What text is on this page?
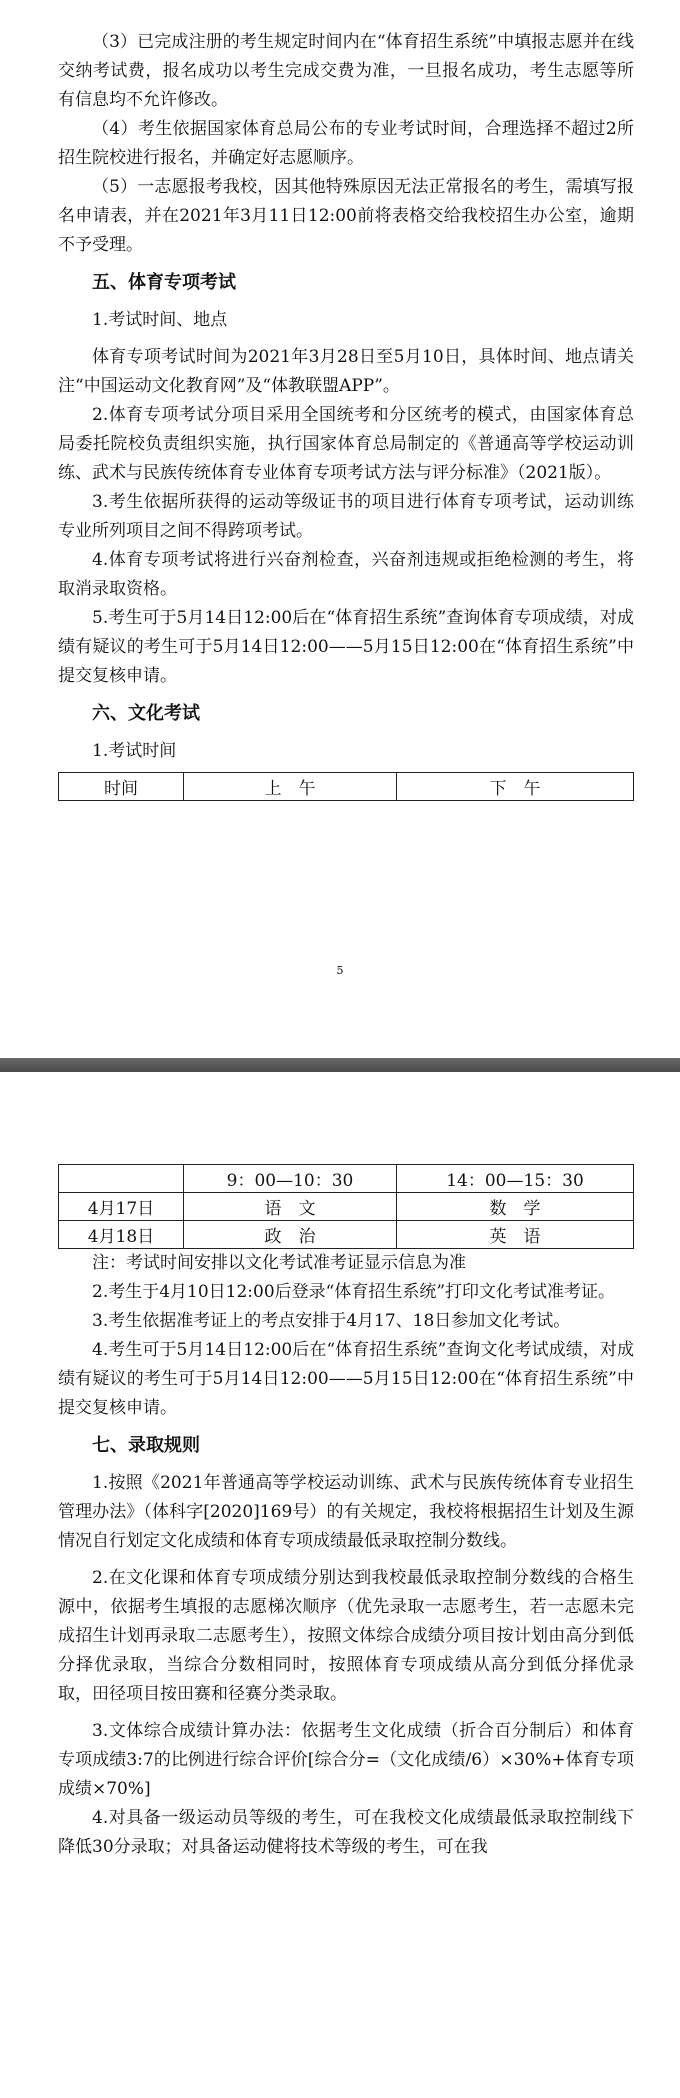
（3）已完成注册的考生规定时间内在“体育招生系统”中填报志愿并在线交纳考试费，报名成功以考生完成交费为准，一旦报名成功，考生志愿等所有信息均不允许修改。

（4）考生依据国家体育总局公布的专业考试时间，合理选择不超过2所招生院校进行报名，并确定好志愿顺序。

（5）一志愿报考我校，因其他特殊原因无法正常报名的考生，需填写报名申请表，并在2021年3月11日12:00前将表格交给我校招生办公室，逾期不予受理。

五、体育专项考试

1.考试时间、地点

体育专项考试时间为2021年3月28日至5月10日，具体时间、地点请关注“中国运动文化教育网”及“体教联盟APP”。

2.体育专项考试分项目采用全国统考和分区统考的模式，由国家体育总局委托院校负责组织实施，执行国家体育总局制定的《普通高等学校运动训练、武术与民族传统体育专业体育专项考试方法与评分标准》（2021版）。

3.考生依据所获得的运动等级证书的项目进行体育专项考试，运动训练专业所列项目之间不得跨项考试。

4.体育专项考试将进行兴奋剂检查，兴奋剂违规或拒绝检测的考生，将取消录取资格。

5.考生可于5月14日12:00后在“体育招生系统”查询体育专项成绩，对成绩有疑议的考生可于5月14日12:00——5月15日12:00在“体育招生系统”中提交复核申请。

六、文化考试

1.考试时间

时间	上　午	下　午
5
	9：00—10：30	14：00—15：30
4月17日	语　文	数　学
4月18日	政　治	英　语

注：考试时间安排以文化考试准考证显示信息为准

2.考生于4月10日12:00后登录“体育招生系统”打印文化考试准考证。

3.考生依据准考证上的考点安排于4月17、18日参加文化考试。

4.考生可于5月14日12:00后在“体育招生系统”查询文化考试成绩，对成绩有疑议的考生可于5月14日12:00——5月15日12:00在“体育招生系统”中提交复核申请。

七、录取规则

1.按照《2021年普通高等学校运动训练、武术与民族传统体育专业招生管理办法》（体科字[2020]169号）的有关规定，我校将根据招生计划及生源情况自行划定文化成绩和体育专项成绩最低录取控制分数线。

2.在文化课和体育专项成绩分别达到我校最低录取控制分数线的合格生源中，依据考生填报的志愿梯次顺序（优先录取一志愿考生，若一志愿未完成招生计划再录取二志愿考生），按照文体综合成绩分项目按计划由高分到低分择优录取，当综合分数相同时，按照体育专项成绩从高分到低分择优录取，田径项目按田赛和径赛分类录取。

3.文体综合成绩计算办法：依据考生文化成绩（折合百分制后）和体育专项成绩3:7的比例进行综合评价[综合分=（文化成绩/6）×30%+体育专项成绩×70%]

4.对具备一级运动员等级的考生，可在我校文化成绩最低录取控制线下降低30分录取；对具备运动健将技术等级的考生，可在我
